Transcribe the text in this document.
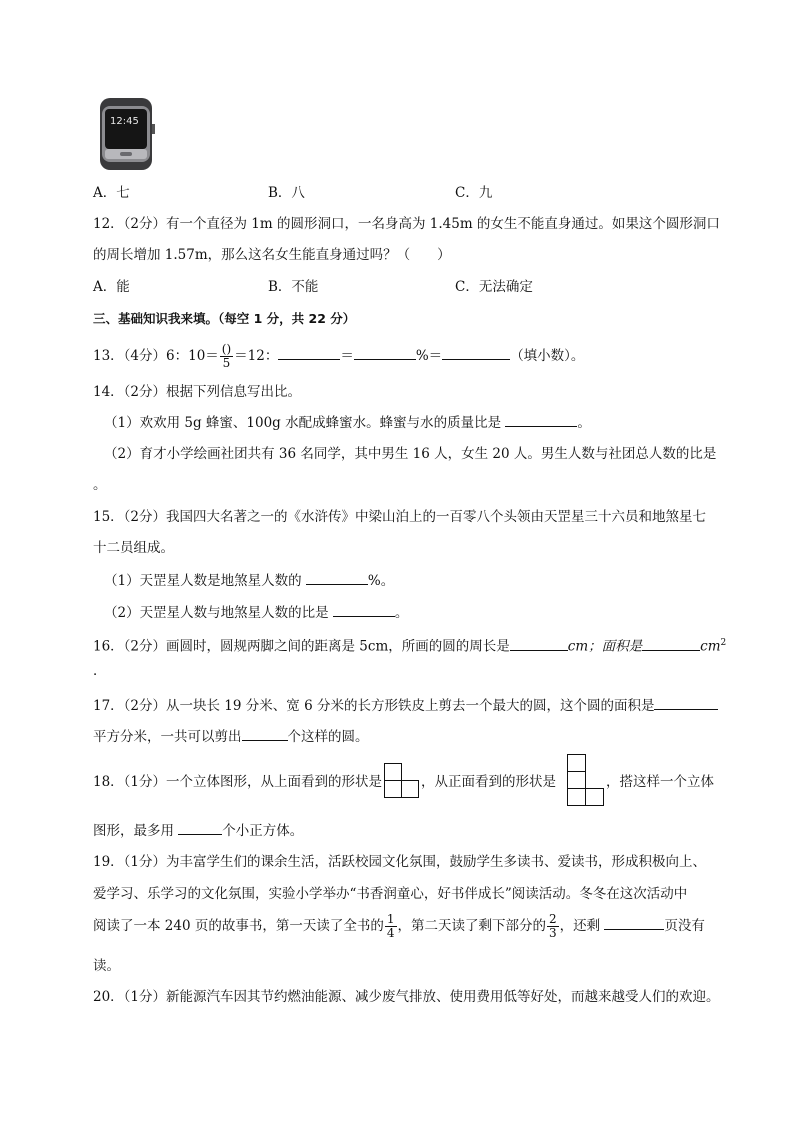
12:45
A．七	B．八	C．九
12．（2分）有一个直径为 1m 的圆形洞口，一名身高为 1.45m 的女生不能直身通过。如果这个圆形洞口
的周长增加 1.57m，那么这名女生能直身通过吗？（　　）
A．能	B．不能	C．无法确定
三、基础知识我来填。（每空 1 分，共 22 分）
13．（4分）6：$10= \frac{()}{5} =12$：	＝	%＝	（填小数）。
14．（2分）根据下列信息写出比。
（1）欢欢用 5g 蜂蜜、100g 水配成蜂蜜水。蜂蜜与水的质量比是	。
（2）育才小学绘画社团共有 36 名同学，其中男生 16 人，女生 20 人。男生人数与社团总人数的比是
。
15．（2分）我国四大名著之一的《水浒传》中梁山泊上的一百零八个头领由天罡星三十六员和地煞星七
十二员组成。
（1）天罡星人数是地煞星人数的	%。
（2）天罡星人数与地煞星人数的比是	。
16．（2分）画圆时，圆规两脚之间的距离是 5cm，所画的圆的周长是	cm；面积是	$cm^2$
．
17．（2分）从一块长 19 分米、宽 6 分米的长方形铁皮上剪去一个最大的圆，这个圆的面积是
平方分米，一共可以剪出	个这样的圆。
18．（1分）一个立体图形，从上面看到的形状是	，从正面看到的形状是	，搭这样一个立体
图形，最多用	个小正方体。
19．（1分）为丰富学生们的课余生活，活跃校园文化氛围，鼓励学生多读书、爱读书，形成积极向上、
爱学习、乐学习的文化氛围，实验小学举办“书香润童心，好书伴成长”阅读活动。冬冬在这次活动中
阅读了一本 240 页的故事书，第一天读了全书的 $\frac{1}{4}$ ，第二天读了剩下部分的 $\frac{2}{3}$ ，还剩	页没有
读。
20．（1分）新能源汽车因其节约燃油能源、减少废气排放、使用费用低等好处，而越来越受人们的欢迎。
